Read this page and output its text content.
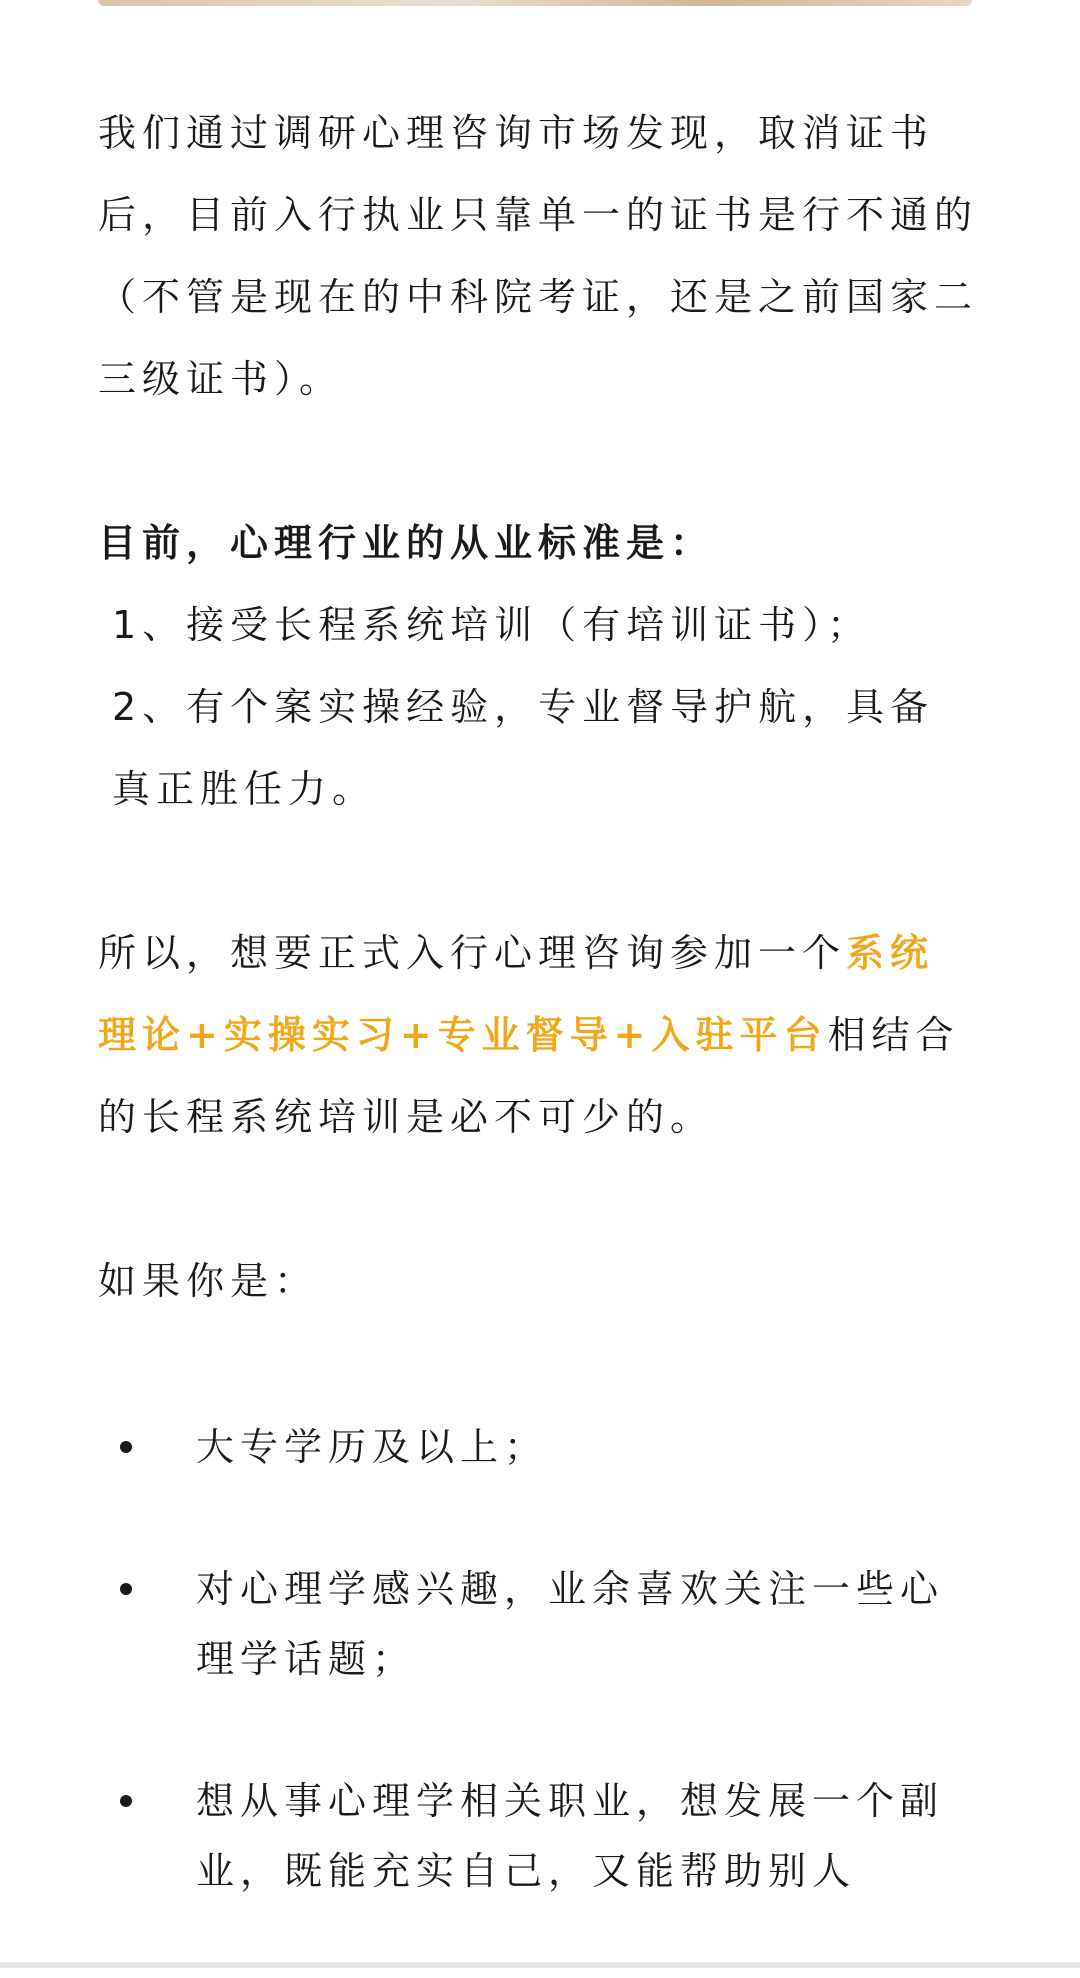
我们通过调研心理咨询市场发现，取消证书后，目前入行执业只靠单一的证书是行不通的（不管是现在的中科院考证，还是之前国家二三级证书）。

目前，心理行业的从业标准是：

1、接受长程系统培训（有培训证书）；

2、有个案实操经验，专业督导护航，具备真正胜任力。

所以，想要正式入行心理咨询参加一个系统理论+实操实习+专业督导+入驻平台相结合的长程系统培训是必不可少的。

如果你是：

大专学历及以上；
对心理学感兴趣，业余喜欢关注一些心理学话题；
想从事心理学相关职业，想发展一个副业，既能充实自己，又能帮助别人
